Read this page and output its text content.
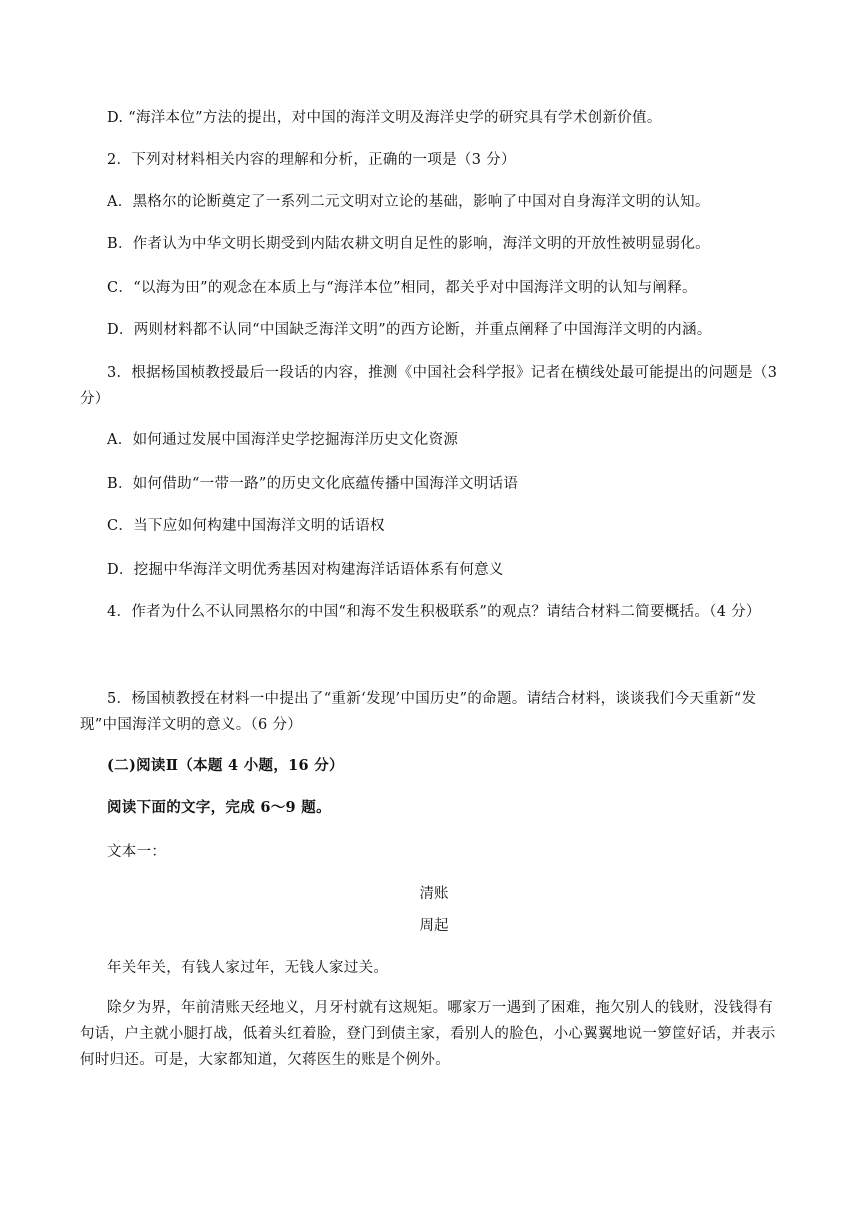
D. “海洋本位”方法的提出，对中国的海洋文明及海洋史学的研究具有学术创新价值。
2．下列对材料相关内容的理解和分析，正确的一项是（3 分）
A．黑格尔的论断奠定了一系列二元文明对立论的基础，影响了中国对自身海洋文明的认知。
B．作者认为中华文明长期受到内陆农耕文明自足性的影响，海洋文明的开放性被明显弱化。
C．“以海为田”的观念在本质上与“海洋本位”相同，都关乎对中国海洋文明的认知与阐释。
D．两则材料都不认同“中国缺乏海洋文明”的西方论断，并重点阐释了中国海洋文明的内涵。
3．根据杨国桢教授最后一段话的内容，推测《中国社会科学报》记者在横线处最可能提出的问题是（3分）
A．如何通过发展中国海洋史学挖掘海洋历史文化资源
B．如何借助“一带一路”的历史文化底蕴传播中国海洋文明话语
C．当下应如何构建中国海洋文明的话语权
D．挖掘中华海洋文明优秀基因对构建海洋话语体系有何意义
4．作者为什么不认同黑格尔的中国“和海不发生积极联系”的观点？请结合材料二简要概括。（4 分）
5．杨国桢教授在材料一中提出了“重新‘发现’中国历史”的命题。请结合材料，谈谈我们今天重新“发现”中国海洋文明的意义。（6 分）
(二)阅读Ⅱ（本题 4 小题，16 分）
阅读下面的文字，完成 6～9 题。
文本一：
清账
周起
年关年关，有钱人家过年，无钱人家过关。
除夕为界，年前清账天经地义，月牙村就有这规矩。哪家万一遇到了困难，拖欠别人的钱财，没钱得有句话，户主就小腿打战，低着头红着脸，登门到债主家，看别人的脸色，小心翼翼地说一箩筐好话，并表示何时归还。可是，大家都知道，欠蒋医生的账是个例外。
